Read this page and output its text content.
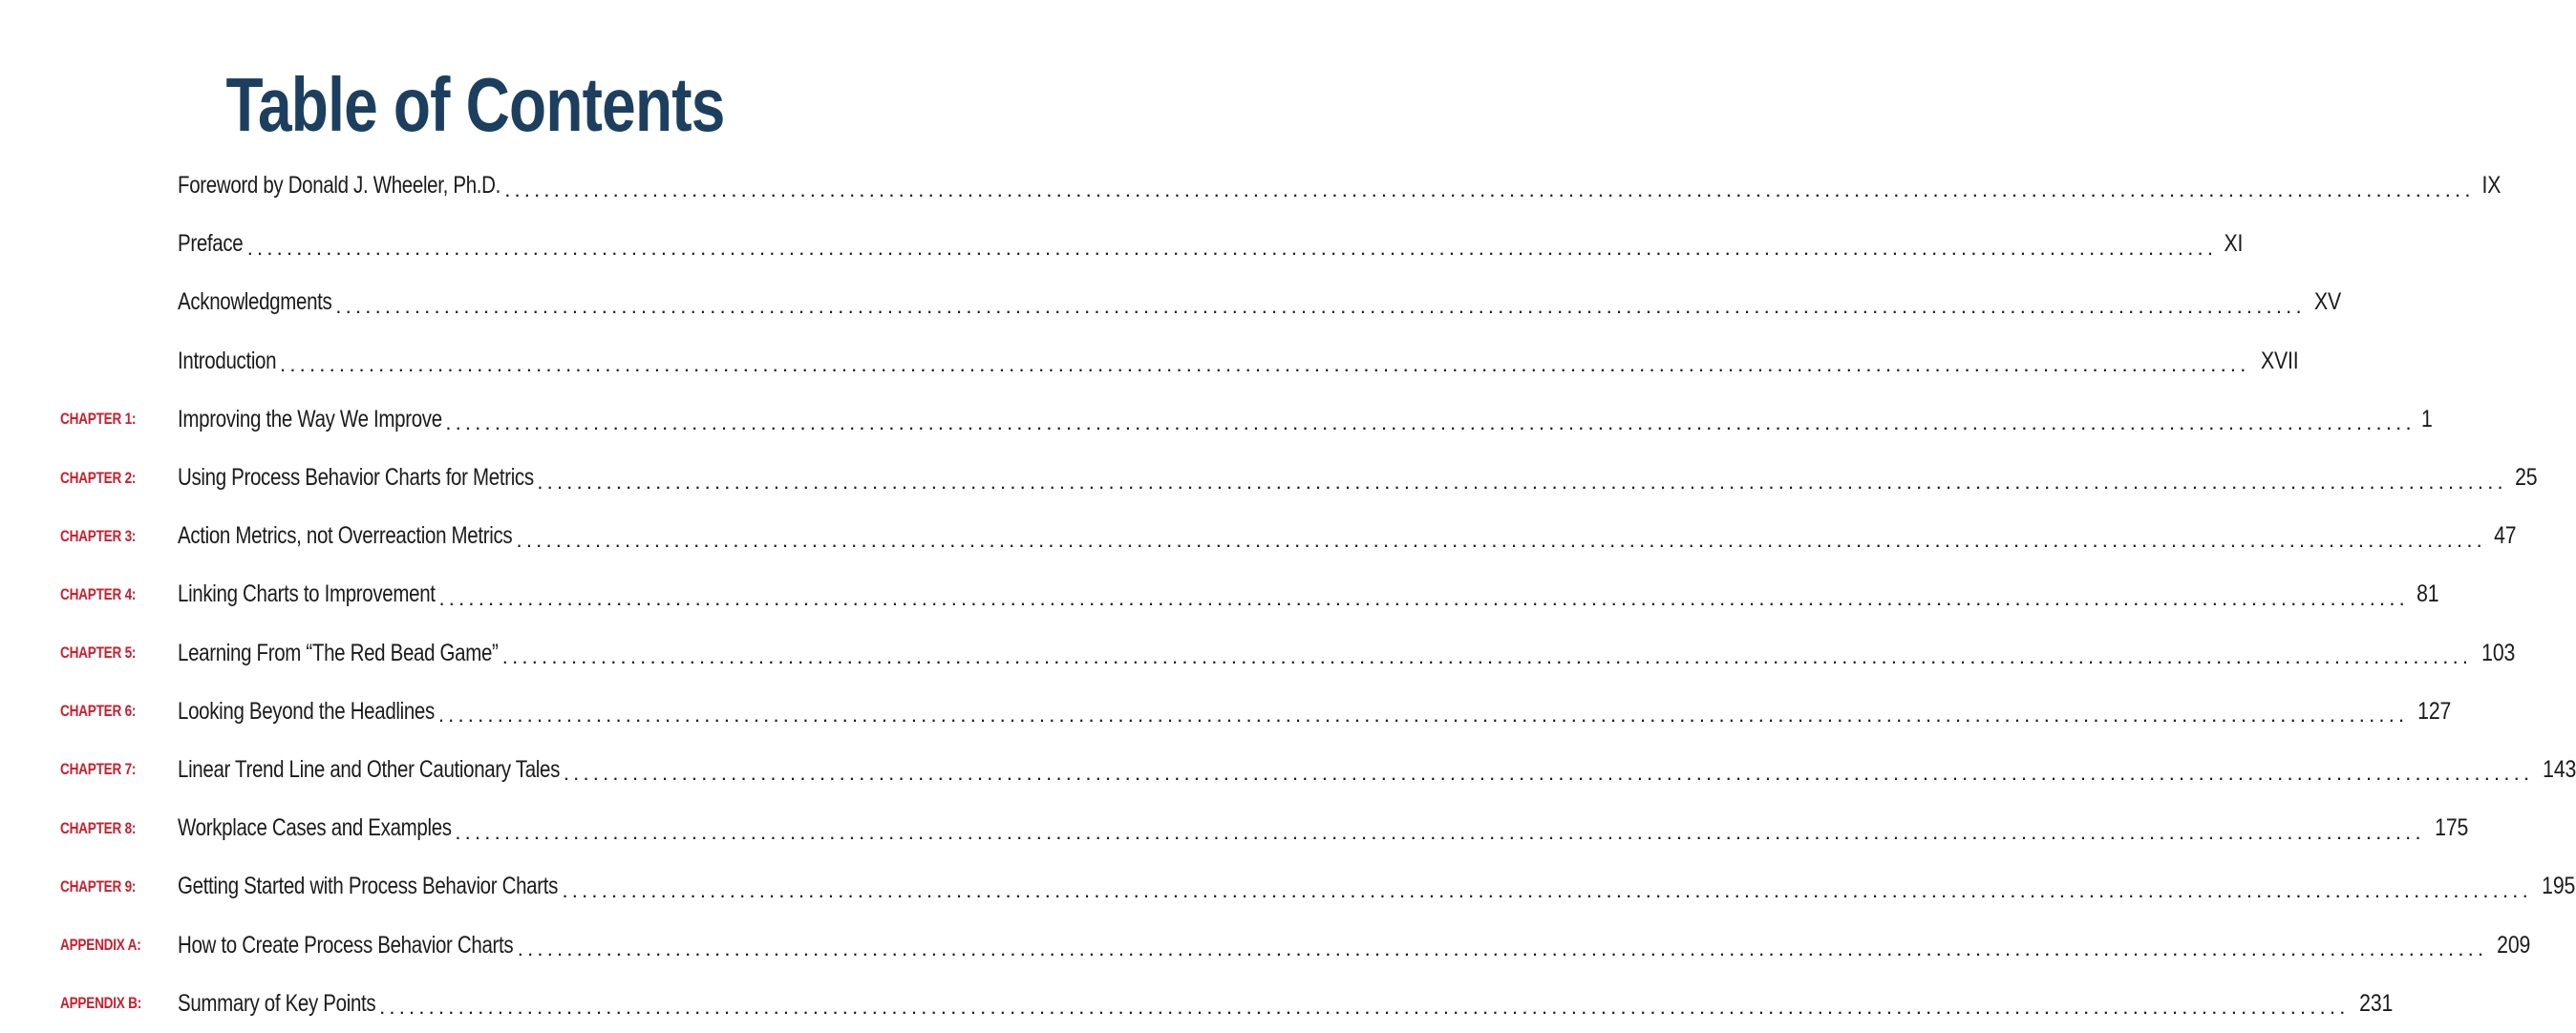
Table of Contents
Foreword by Donald J. Wheeler, Ph.D. ........................................................................................................................................................................................................ IX
Preface ........................................................................................................................................................................................................ XI
Acknowledgments ........................................................................................................................................................................................................ XV
Introduction ........................................................................................................................................................................................................ XVII
CHAPTER 1: Improving the Way We Improve ........................................................................................................................................................................................................ 1
CHAPTER 2: Using Process Behavior Charts for Metrics ........................................................................................................................................................................................................ 25
CHAPTER 3: Action Metrics, not Overreaction Metrics ........................................................................................................................................................................................................ 47
CHAPTER 4: Linking Charts to Improvement ........................................................................................................................................................................................................ 81
CHAPTER 5: Learning From “The Red Bead Game” ........................................................................................................................................................................................................ 103
CHAPTER 6: Looking Beyond the Headlines ........................................................................................................................................................................................................ 127
CHAPTER 7: Linear Trend Line and Other Cautionary Tales ........................................................................................................................................................................................................ 143
CHAPTER 8: Workplace Cases and Examples ........................................................................................................................................................................................................ 175
CHAPTER 9: Getting Started with Process Behavior Charts ........................................................................................................................................................................................................ 195
APPENDIX A: How to Create Process Behavior Charts ........................................................................................................................................................................................................ 209
APPENDIX B: Summary of Key Points ........................................................................................................................................................................................................ 231
